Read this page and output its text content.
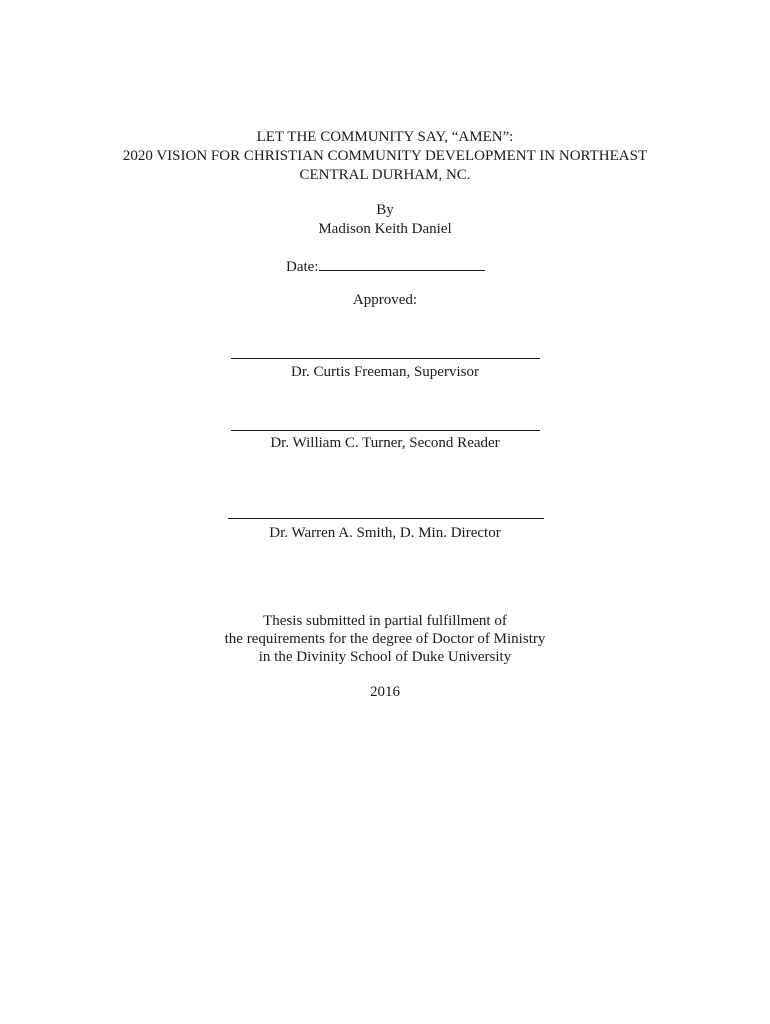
LET THE COMMUNITY SAY, “AMEN”:
2020 VISION FOR CHRISTIAN COMMUNITY DEVELOPMENT IN NORTHEAST
CENTRAL DURHAM, NC.
By
Madison Keith Daniel
Date:
Approved:
Dr. Curtis Freeman, Supervisor
Dr. William C. Turner, Second Reader
Dr. Warren A. Smith, D. Min. Director
Thesis submitted in partial fulfillment of
the requirements for the degree of Doctor of Ministry
in the Divinity School of Duke University
2016
